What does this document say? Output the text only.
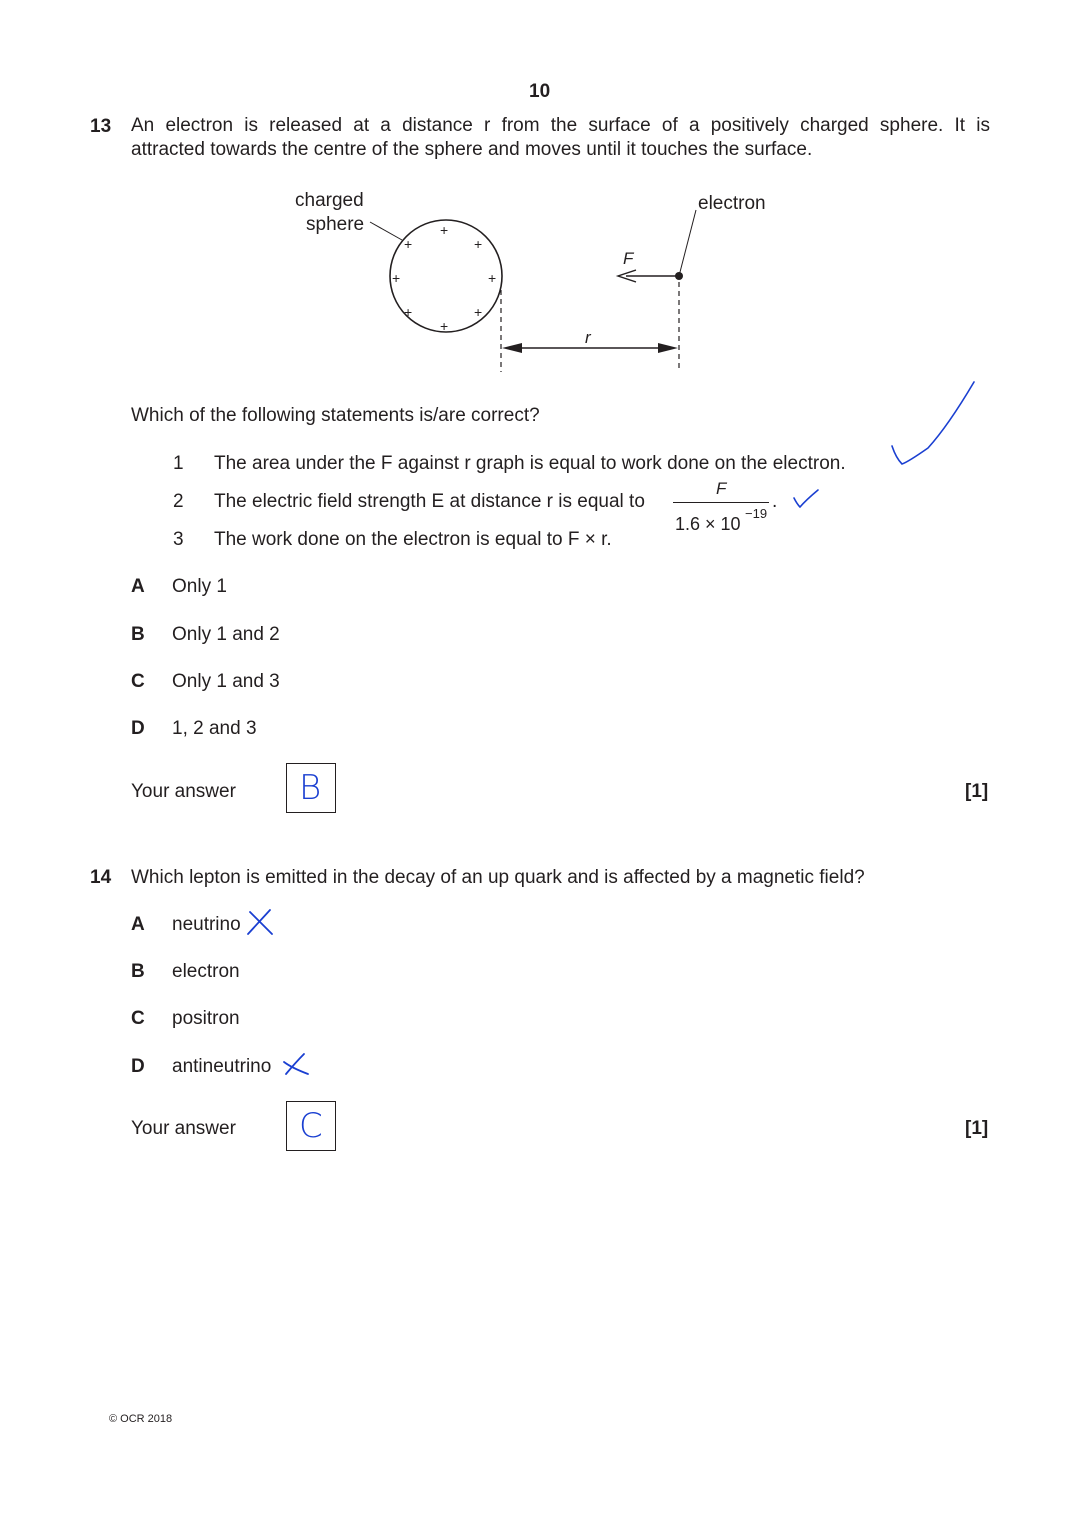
10
13 An electron is released at a distance r from the surface of a positively charged sphere. It is
attracted towards the centre of the sphere and moves until it touches the surface.
charged
sphere
electron
F
r
+
+	+
+	+
+	+
+
Which of the following statements is/are correct?
1 The area under the F against r graph is equal to work done on the electron.
2 The electric field strength E at distance r is equal to
F
1.6 × 10
−19
.
3 The work done on the electron is equal to F × r.
A Only 1
B Only 1 and 2
C Only 1 and 3
D 1, 2 and 3
Your answer B	[1]
14 Which lepton is emitted in the decay of an up quark and is affected by a magnetic field?
A neutrino
B electron
C positron
D antineutrino
Your answer C	[1]
© OCR 2018
